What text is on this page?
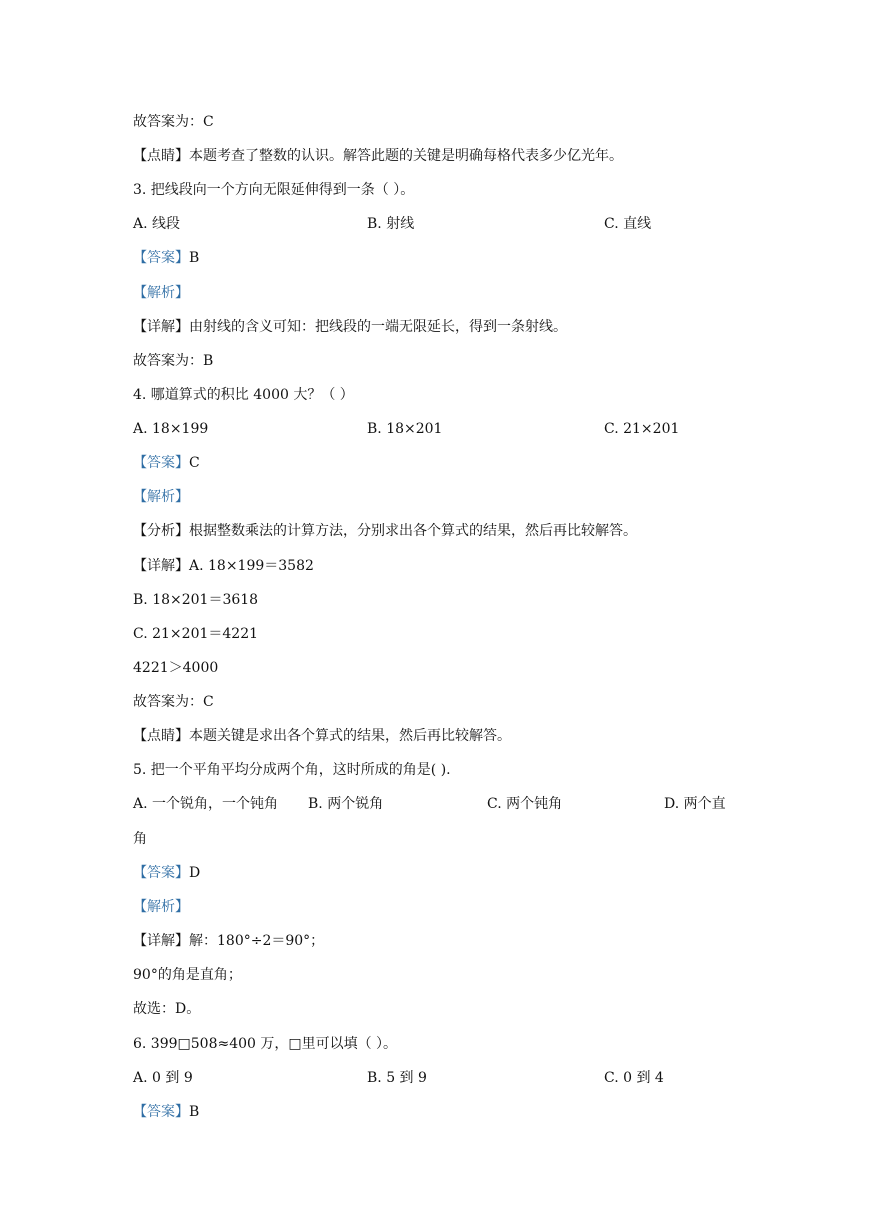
故答案为：C
【点睛】本题考查了整数的认识。解答此题的关键是明确每格代表多少亿光年。
3. 把线段向一个方向无限延伸得到一条（ ）。
A. 线段	B. 射线	C. 直线
【答案】B
【解析】
【详解】由射线的含义可知：把线段的一端无限延长，得到一条射线。
故答案为：B
4. 哪道算式的积比 4000 大？（ ）
A. 18×199	B. 18×201	C. 21×201
【答案】C
【解析】
【分析】根据整数乘法的计算方法，分别求出各个算式的结果，然后再比较解答。
【详解】A. 18×199＝3582
B. 18×201＝3618
C. 21×201＝4221
4221＞4000
故答案为：C
【点睛】本题关键是求出各个算式的结果，然后再比较解答。
5. 把一个平角平均分成两个角，这时所成的角是( ).
A. 一个锐角，一个钝角 B. 两个锐角	C. 两个钝角	D. 两个直
角
【答案】D
【解析】
【详解】解：180°÷2＝90°；
90°的角是直角；
故选：D。
6. 399□508≈400 万，□里可以填（ ）。
A. 0 到 9	B. 5 到 9	C. 0 到 4
【答案】B
